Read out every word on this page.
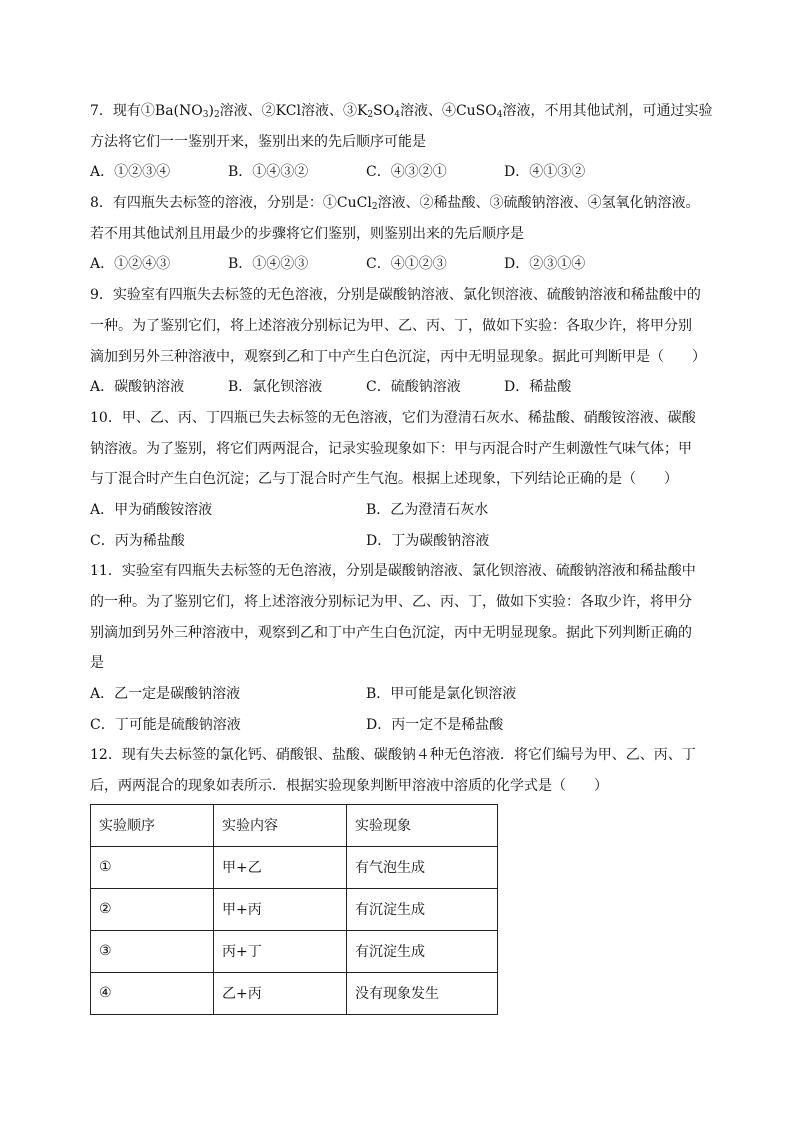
7．现有$①Ba(NO_3)_2$溶液、②KCl溶液、$③K_2SO_4$溶液、④CuSO$_4$溶液，不用其他试剂，可通过实验
方法将它们一一鉴别开来，鉴别出来的先后顺序可能是
A．①②③④	B．①④③②	C．④③②①	D．④①③②
8．有四瓶失去标签的溶液，分别是：①CuCl$_2$溶液、②稀盐酸、③硫酸钠溶液、④氢氧化钠溶液。
若不用其他试剂且用最少的步骤将它们鉴别，则鉴别出来的先后顺序是
A．①②④③	B．①④②③	C．④①②③	D．②③①④
9．实验室有四瓶失去标签的无色溶液，分别是碳酸钠溶液、氯化钡溶液、硫酸钠溶液和稀盐酸中的
一种。为了鉴别它们，将上述溶液分别标记为甲、乙、丙、丁，做如下实验：各取少许，将甲分别
滴加到另外三种溶液中，观察到乙和丁中产生白色沉淀，丙中无明显现象。据此可判断甲是（　　）
A．碳酸钠溶液	B．氯化钡溶液	C．硫酸钠溶液	D．稀盐酸
10．甲、乙、丙、丁四瓶已失去标签的无色溶液，它们为澄清石灰水、稀盐酸、硝酸铵溶液、碳酸
钠溶液。为了鉴别，将它们两两混合，记录实验现象如下：甲与丙混合时产生刺激性气味气体；甲
与丁混合时产生白色沉淀；乙与丁混合时产生气泡。根据上述现象，下列结论正确的是（　　）
A．甲为硝酸铵溶液	B．乙为澄清石灰水
C．丙为稀盐酸	D．丁为碳酸钠溶液
11．实验室有四瓶失去标签的无色溶液，分别是碳酸钠溶液、氯化钡溶液、硫酸钠溶液和稀盐酸中
的一种。为了鉴别它们，将上述溶液分别标记为甲、乙、丙、丁，做如下实验：各取少许，将甲分
别滴加到另外三种溶液中，观察到乙和丁中产生白色沉淀，丙中无明显现象。据此下列判断正确的
是
A．乙一定是碳酸钠溶液	B．甲可能是氯化钡溶液
C．丁可能是硫酸钠溶液	D．丙一定不是稀盐酸
12．现有失去标签的氯化钙、硝酸银、盐酸、碳酸钠４种无色溶液．将它们编号为甲、乙、丙、丁
后，两两混合的现象如表所示．根据实验现象判断甲溶液中溶质的化学式是（　　）
实验顺序	实验内容	实验现象
①	甲+乙	有气泡生成
②	甲+丙	有沉淀生成
③	丙+丁	有沉淀生成
④	乙+丙	没有现象发生
